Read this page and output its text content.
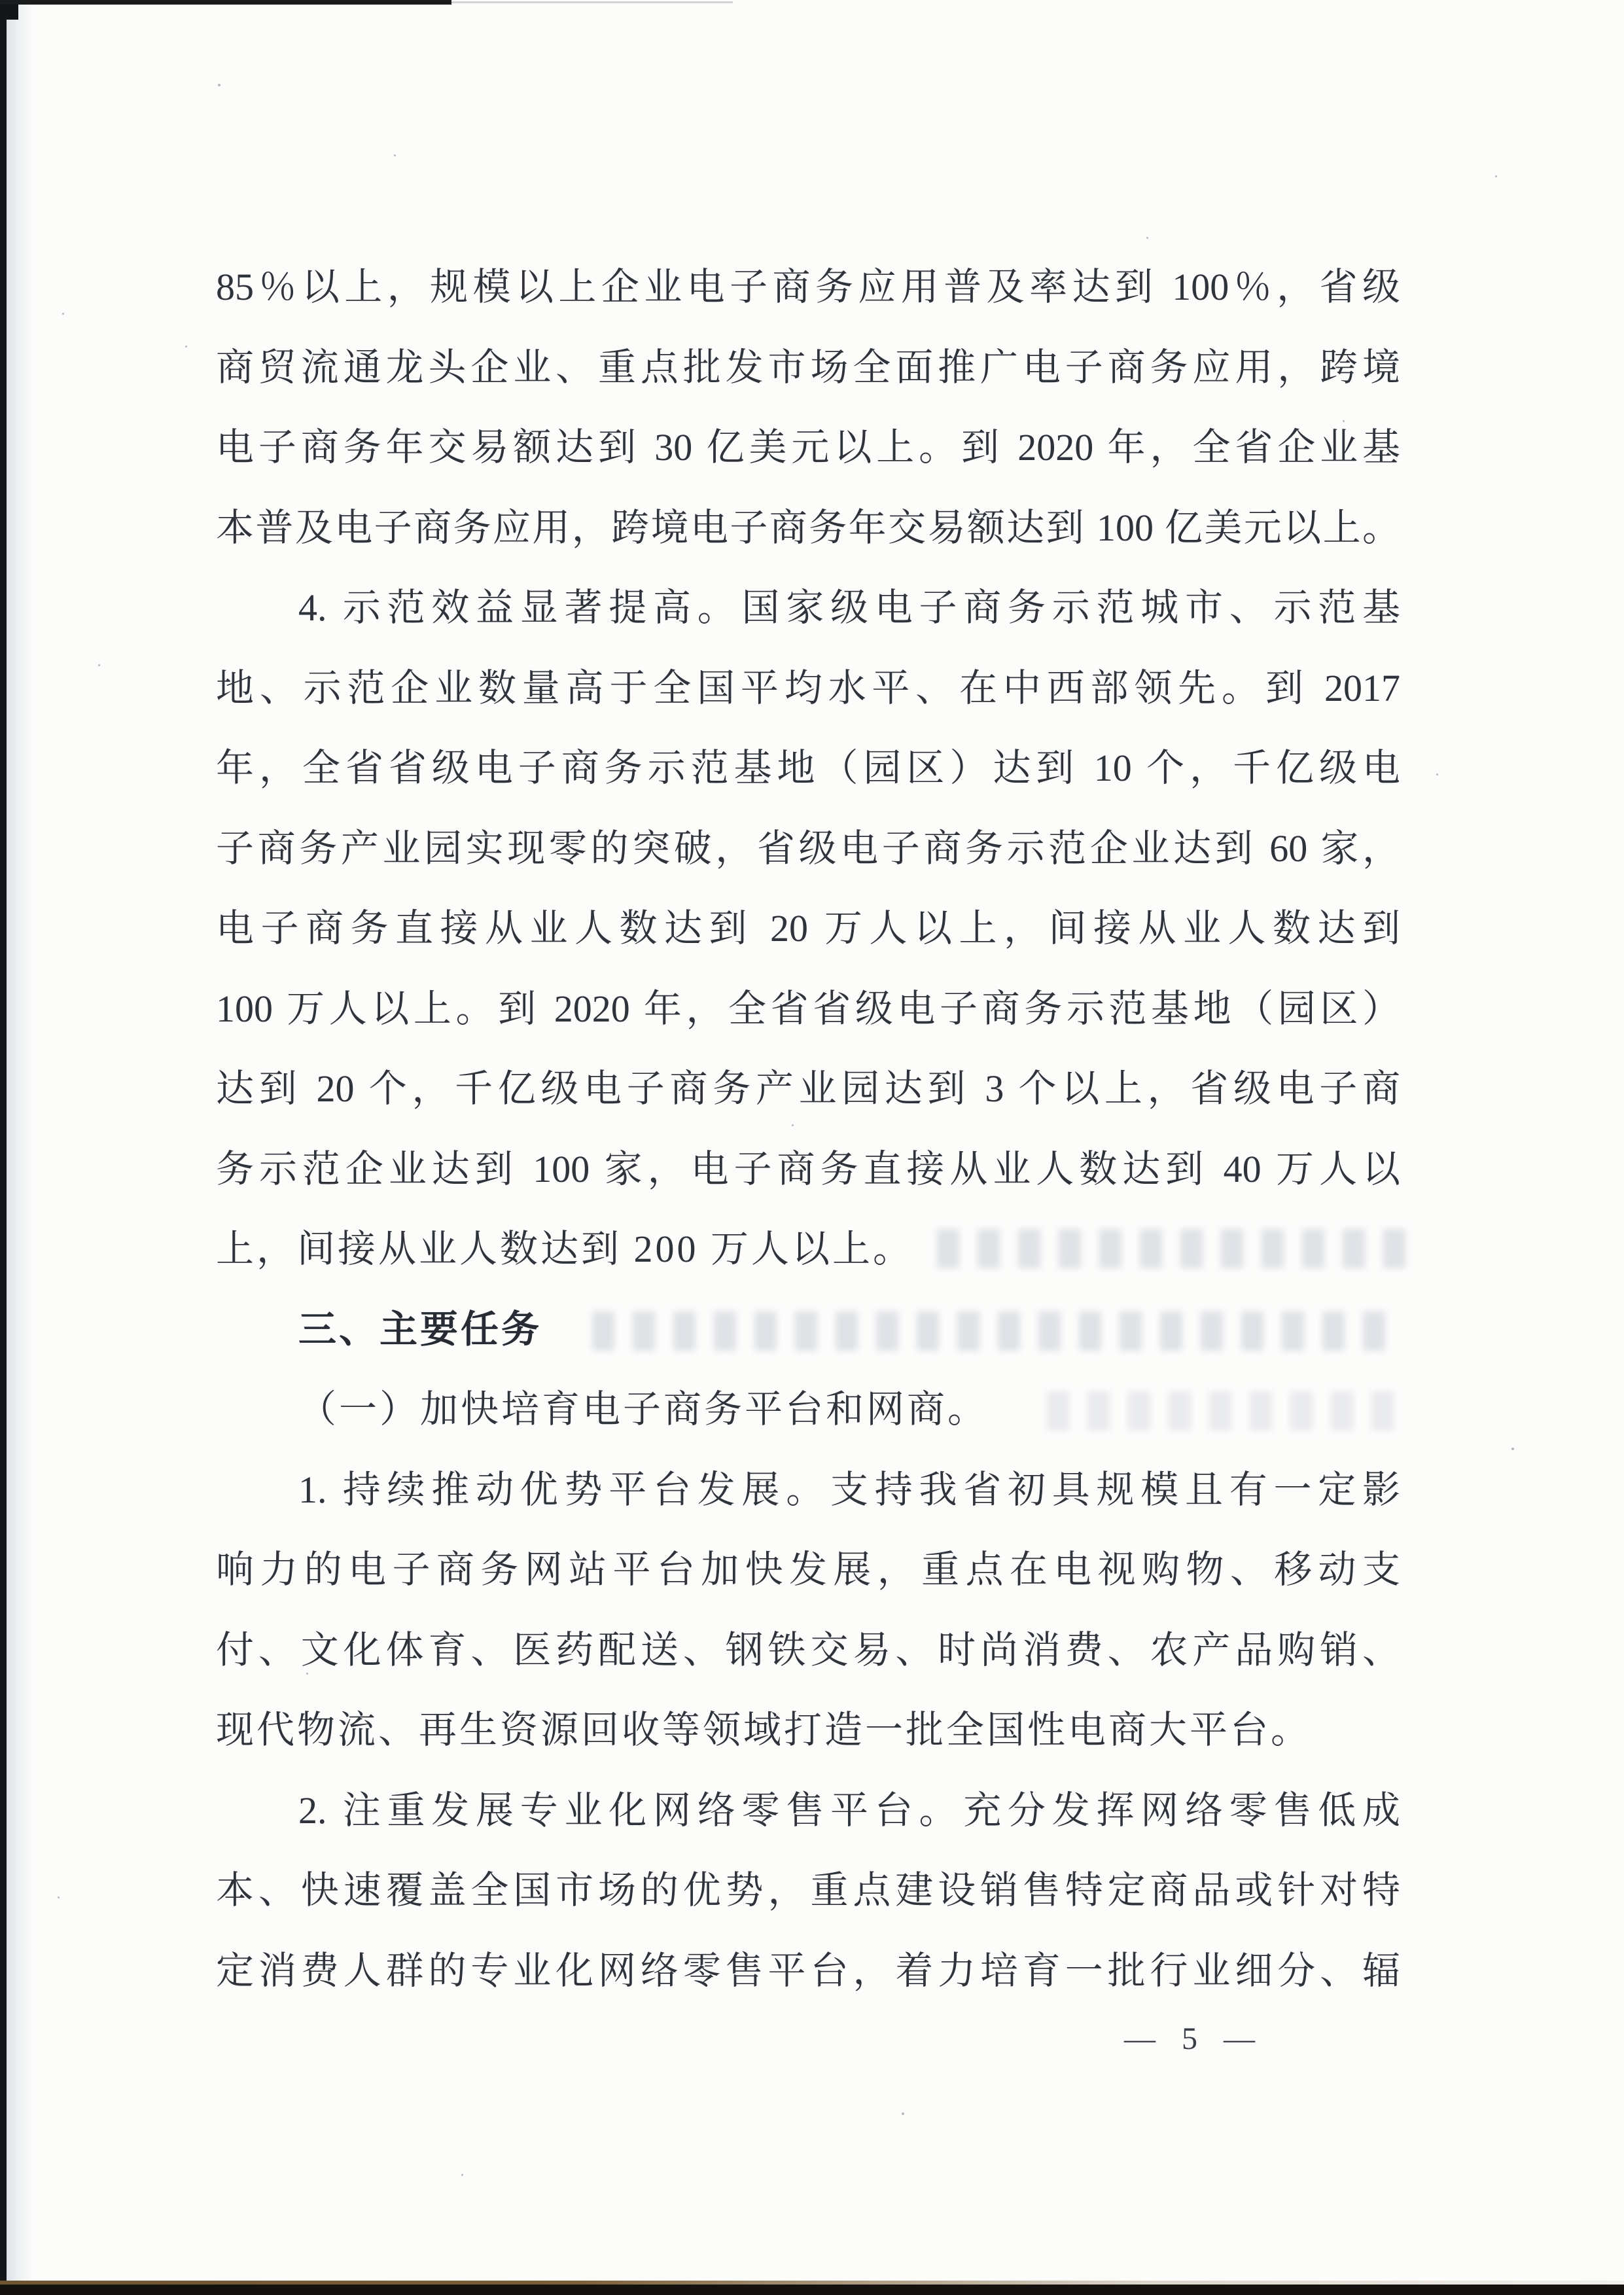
85％以上，规模以上企业电子商务应用普及率达到 100％，省级
商贸流通龙头企业、重点批发市场全面推广电子商务应用，跨境
电子商务年交易额达到 30 亿美元以上。到 2020 年，全省企业基
本普及电子商务应用，跨境电子商务年交易额达到 100 亿美元以上。
4. 示范效益显著提高。国家级电子商务示范城市、示范基
地、示范企业数量高于全国平均水平、在中西部领先。到 2017
年，全省省级电子商务示范基地（园区）达到 10 个，千亿级电
子商务产业园实现零的突破，省级电子商务示范企业达到 60 家，
电子商务直接从业人数达到 20 万人以上，间接从业人数达到
100 万人以上。到 2020 年，全省省级电子商务示范基地（园区）
达到 20 个，千亿级电子商务产业园达到 3 个以上，省级电子商
务示范企业达到 100 家，电子商务直接从业人数达到 40 万人以
上，间接从业人数达到 200 万人以上。
三、主要任务
（一）加快培育电子商务平台和网商。
1. 持续推动优势平台发展。支持我省初具规模且有一定影
响力的电子商务网站平台加快发展，重点在电视购物、移动支
付、文化体育、医药配送、钢铁交易、时尚消费、农产品购销、
现代物流、再生资源回收等领域打造一批全国性电商大平台。
2. 注重发展专业化网络零售平台。充分发挥网络零售低成
本、快速覆盖全国市场的优势，重点建设销售特定商品或针对特
定消费人群的专业化网络零售平台，着力培育一批行业细分、辐
— 5 —
